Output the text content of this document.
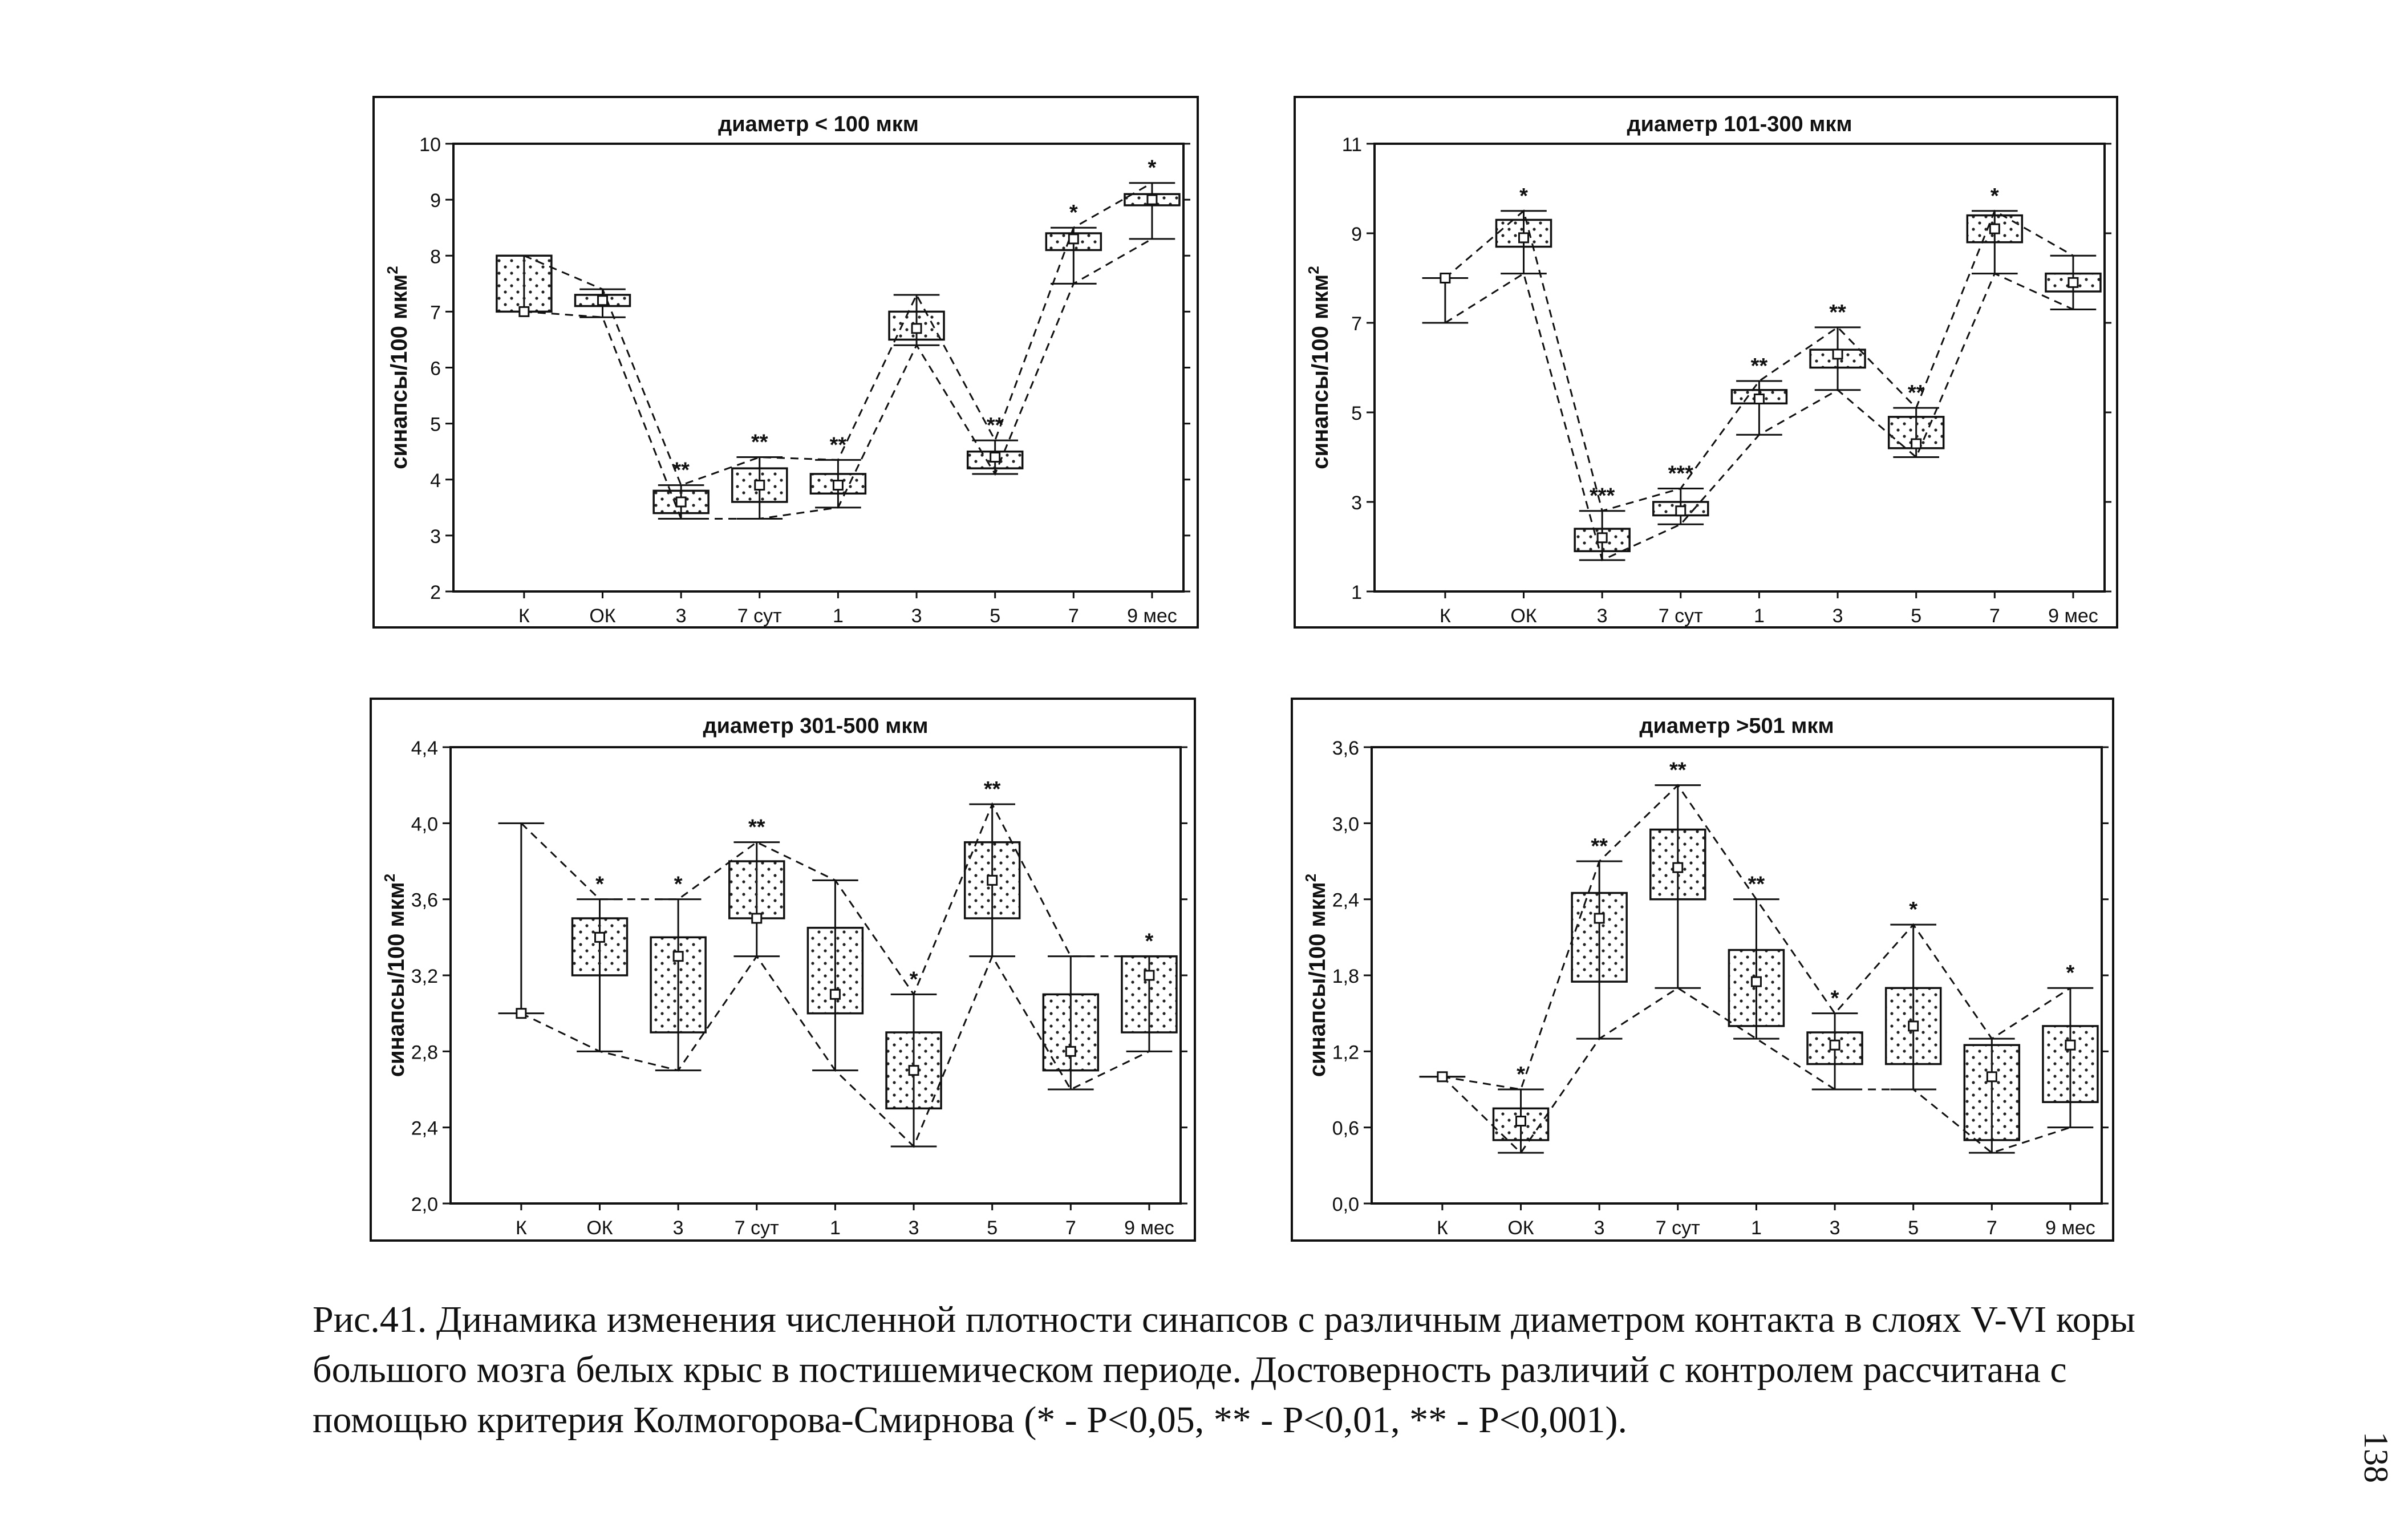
диаметр < 100 мкм
2
3
4
5
6
7
8
9
10
синапсы/100 мкм$^2$
К	ОК	3	7 сут	1	3	5	7 9 мес
**
**	**
**
*
*
диаметр 101-300 мкм
1
3
5
7
9
11
синапсы/100 мкм$^2$
К	ОК	3	7 сут	1	3	5	7 9 мес
*
***
***
**
**
**
*
диаметр 301-500 мкм
2,0
2,4
2,8
3,2
3,6
4,0
4,4
синапсы/100 мкм$^2$
К	ОК	3	7 сут	1	3	5	7 9 мес
*	*
**
*
**
*
диаметр >501 мкм
0,0
0,6
1,2
1,8
2,4
3,0
3,6
синапсы/100 мкм$^2$
К	ОК	3	7 сут	1	3	5	7 9 мес
*
**
**
**
*
*
*

Рис.41. Динамика изменения численной плотности синапсов с различным диаметром контакта в слоях V-VI коры большого мозга белых крыс в постишемическом периоде. Достоверность различий с контролем рассчитана с помощью критерия Колмогорова-Смирнова (* - P<0,05, ** - P<0,01, ** - P<0,001).

138
